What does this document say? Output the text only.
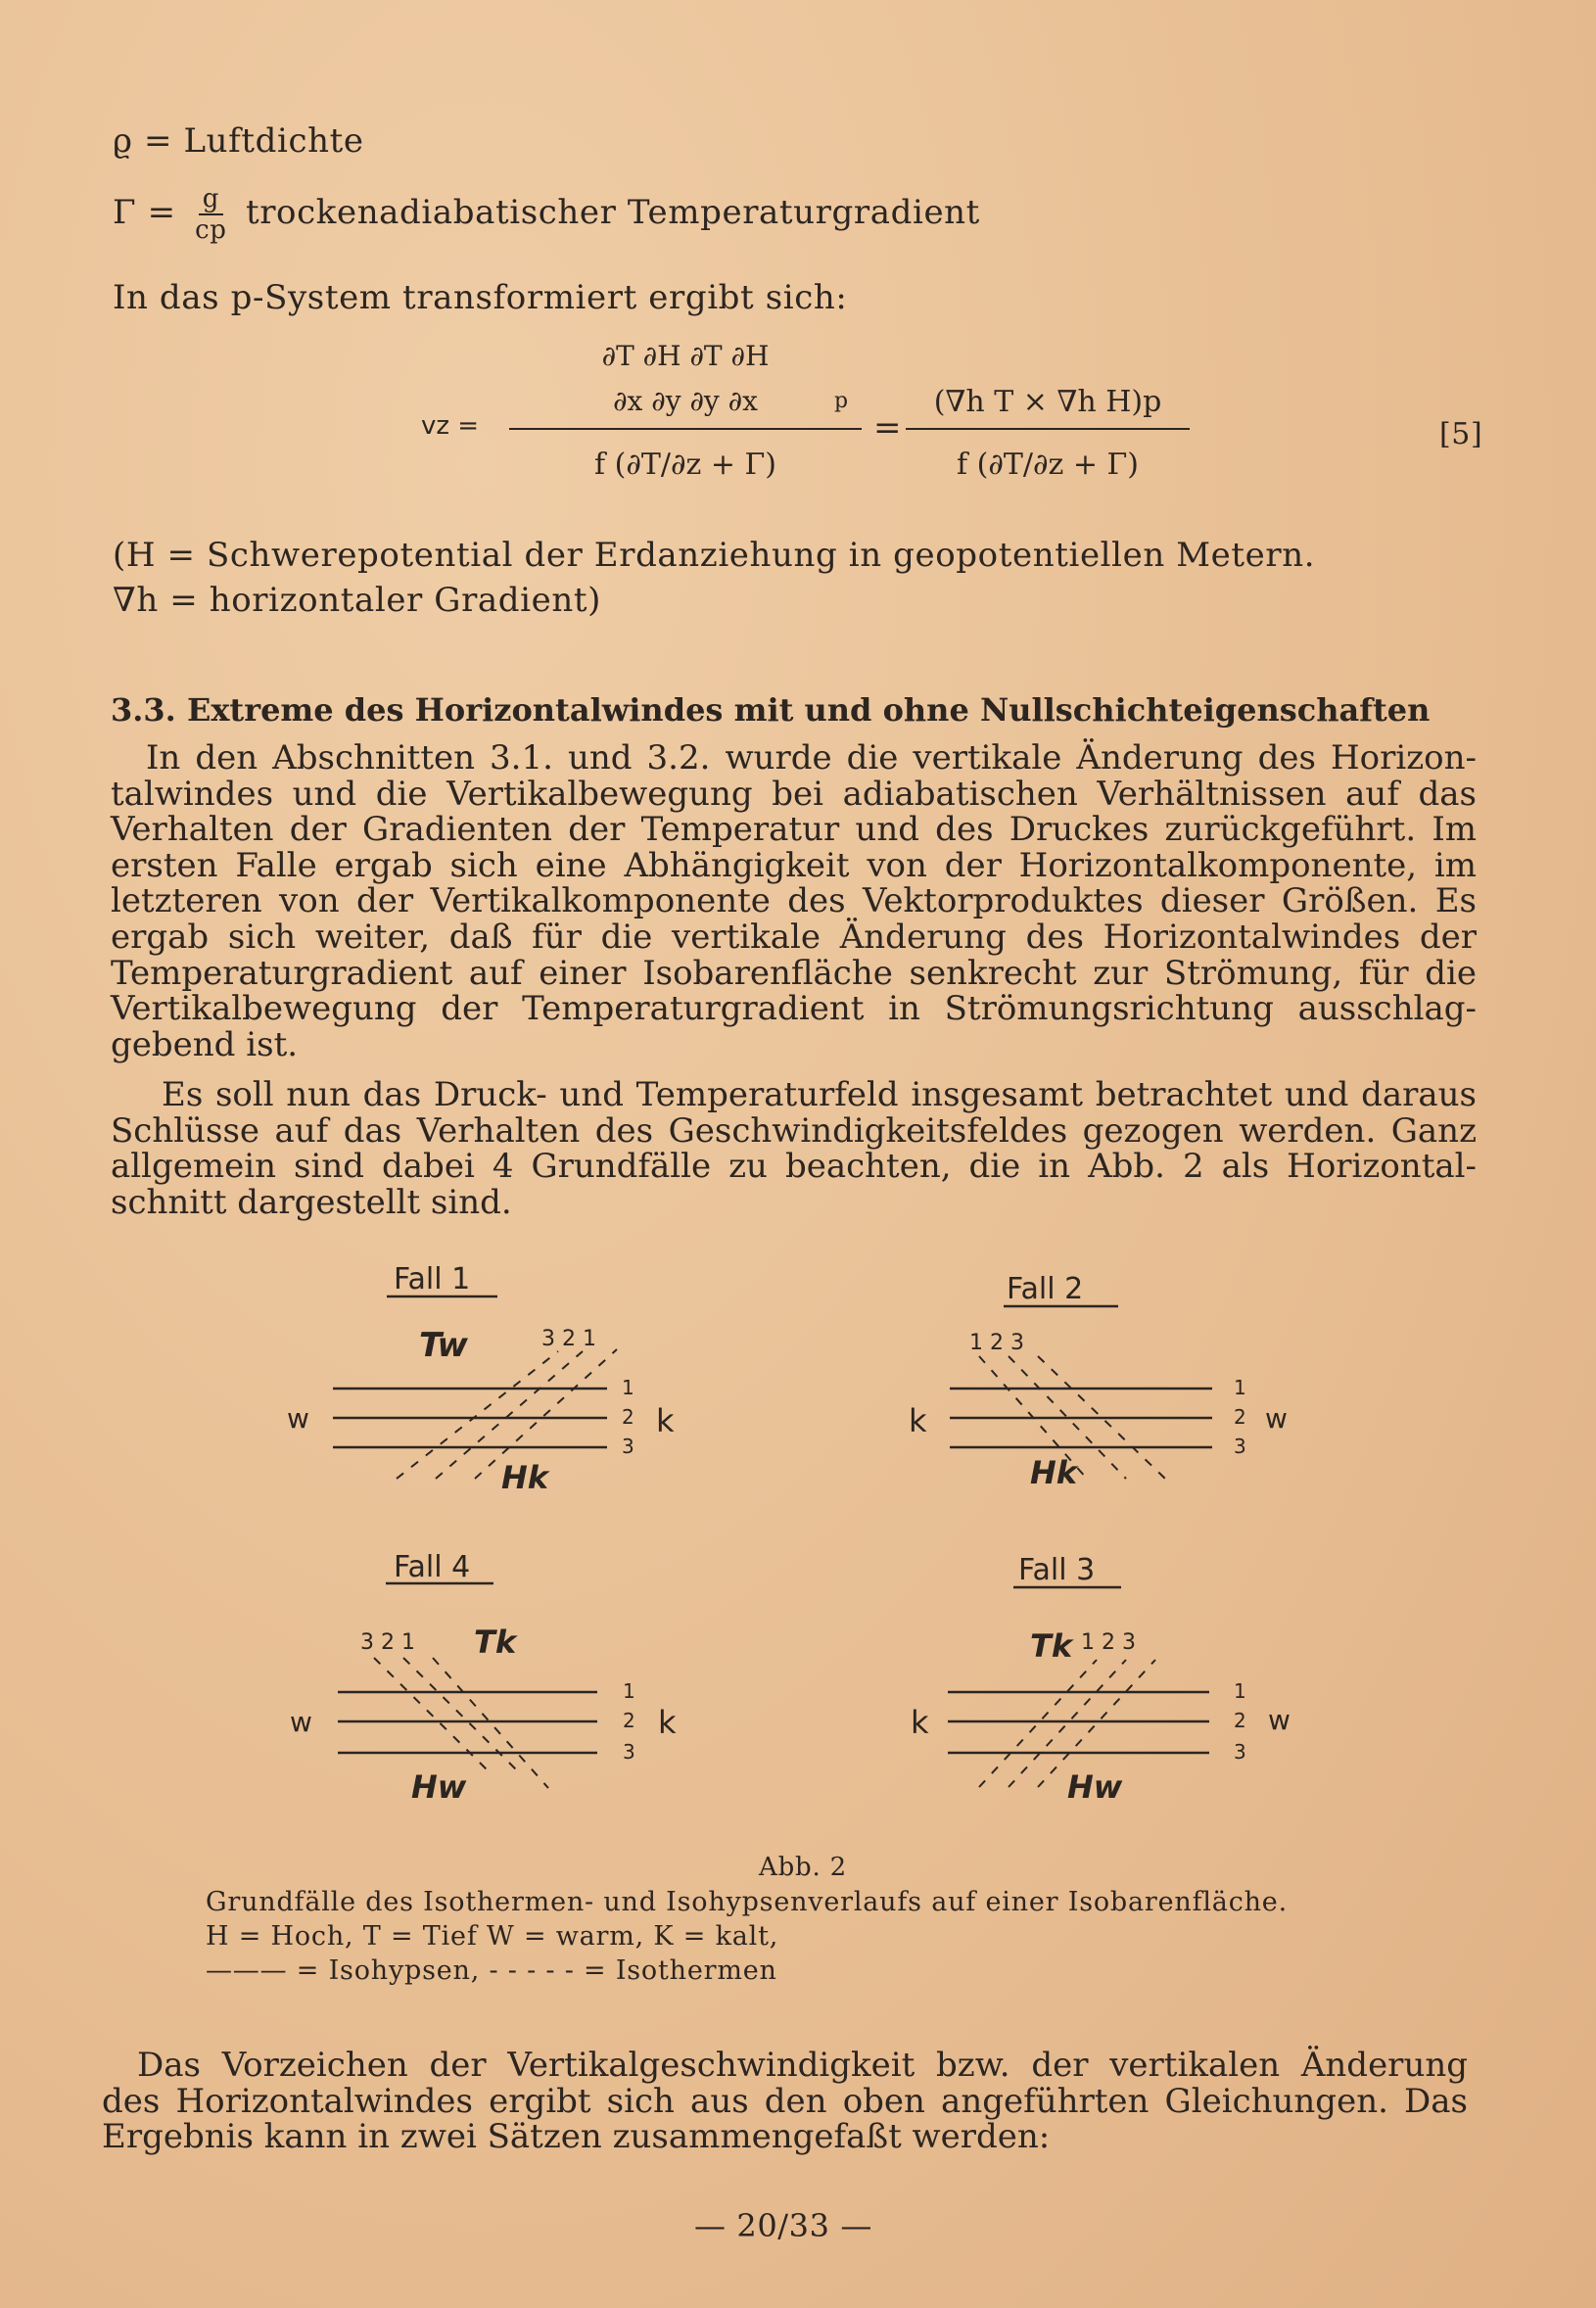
ϱ = Luftdichte
$\Gamma = \frac{g}{cp}$ trockenadiabatischer Temperaturgradient
In das p-System transformiert ergibt sich:
vz =
∂T ∂H ∂T ∂H
∂x ∂y ∂y ∂x	p
f (∂T/∂z + Γ)
=
(∇h T × ∇h H)p
f (∂T/∂z + Γ)
[5]
(H = Schwerepotential der Erdanziehung in geopotentiellen Metern.
∇h = horizontaler Gradient)
3.3. Extreme des Horizontalwindes mit und ohne Nullschichteigenschaften
In den Abschnitten 3.1. und 3.2. wurde die vertikale Änderung des Horizon-
talwindes und die Vertikalbewegung bei adiabatischen Verhältnissen auf das
Verhalten der Gradienten der Temperatur und des Druckes zurückgeführt. Im
ersten Falle ergab sich eine Abhängigkeit von der Horizontalkomponente, im
letzteren von der Vertikalkomponente des Vektorproduktes dieser Größen. Es
ergab sich weiter, daß für die vertikale Änderung des Horizontalwindes der
Temperaturgradient auf einer Isobarenfläche senkrecht zur Strömung, für die
Vertikalbewegung der Temperaturgradient in Strömungsrichtung ausschlag-
gebend ist.
Es soll nun das Druck- und Temperaturfeld insgesamt betrachtet und daraus
Schlüsse auf das Verhalten des Geschwindigkeitsfeldes gezogen werden. Ganz
allgemein sind dabei 4 Grundfälle zu beachten, die in Abb. 2 als Horizontal-
schnitt dargestellt sind.
Fall 1
Tw	3 2 1
w	k
1
2
3
Hk
Fall 2
1 2 3
k	w
1
2
3
Hk
Fall 4
3 2 1 Tk
w	k
1
2
3
Hw
Fall 3
Tk 1 2 3
k	w
1
2
3
Hw
Abb. 2
Grundfälle des Isothermen- und Isohypsenverlaufs auf einer Isobarenfläche.
H = Hoch, T = Tief W = warm, K = kalt,
——— = Isohypsen, - - - - - = Isothermen
Das Vorzeichen der Vertikalgeschwindigkeit bzw. der vertikalen Änderung
des Horizontalwindes ergibt sich aus den oben angeführten Gleichungen. Das
Ergebnis kann in zwei Sätzen zusammengefaßt werden:
— 20/33 —
